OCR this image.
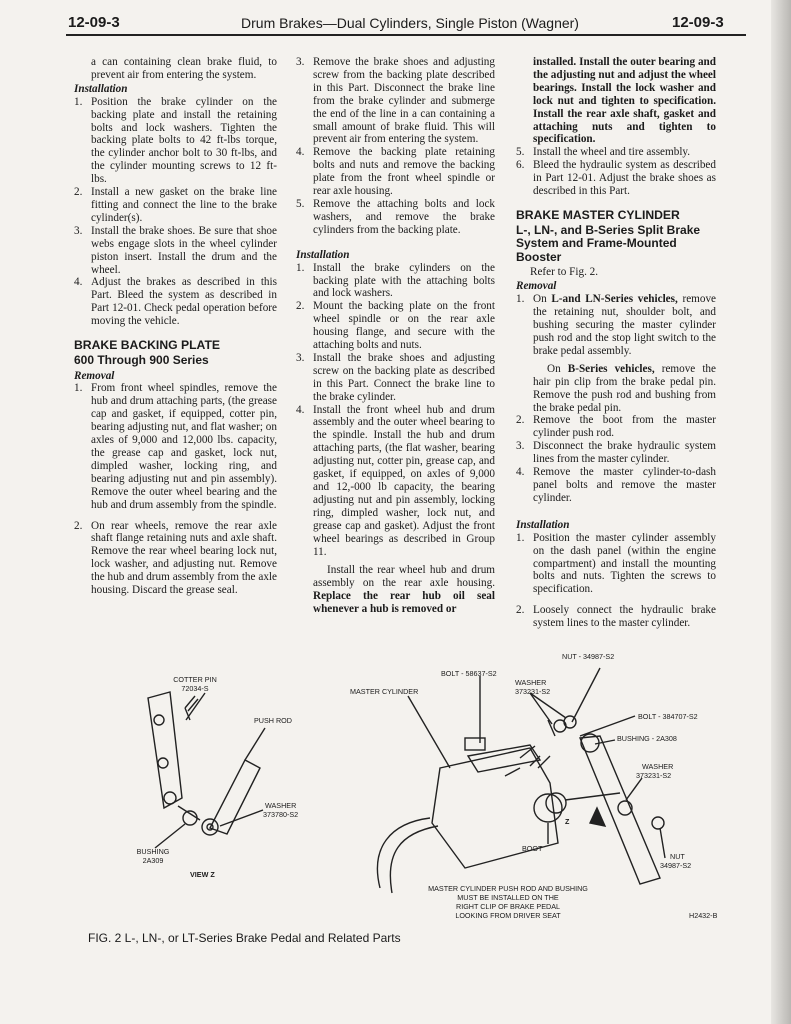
12-09-3	Drum Brakes—Dual Cylinders, Single Piston (Wagner)	12-09-3

a can containing clean brake fluid, to prevent air from entering the system.

Installation
1. Position the brake cylinder on the backing plate and install the retaining bolts and lock washers. Tighten the backing plate bolts to 42 ft-lbs torque, the cylinder anchor bolt to 30 ft-lbs, and the cylinder mounting screws to 12 ft-lbs.
2. Install a new gasket on the brake line fitting and connect the line to the brake cylinder(s).
3. Install the brake shoes. Be sure that shoe webs engage slots in the wheel cylinder piston insert. Install the drum and the wheel.
4. Adjust the brakes as described in this Part. Bleed the system as described in Part 12-01. Check pedal operation before moving the vehicle.
BRAKE BACKING PLATE
600 Through 900 Series
Removal
1. From front wheel spindles, remove the hub and drum attaching parts, (the grease cap and gasket, if equipped, cotter pin, bearing adjusting nut, and flat washer; on axles of 9,000 and 12,000 lbs. capacity, the grease cap and gasket, lock nut, dimpled washer, locking ring, and bearing adjusting nut and pin assembly). Remove the outer wheel bearing and the hub and drum assembly from the spindle.
2. On rear wheels, remove the rear axle shaft flange retaining nuts and axle shaft. Remove the rear wheel bearing lock nut, lock washer, and adjusting nut. Remove the hub and drum assembly from the axle housing. Discard the grease seal.
3. Remove the brake shoes and adjusting screw from the backing plate described in this Part. Disconnect the brake line from the brake cylinder and submerge the end of the line in a can containing a small amount of brake fluid. This will prevent air from entering the system.
4. Remove the backing plate retaining bolts and nuts and remove the backing plate from the front wheel spindle or rear axle housing.
5. Remove the attaching bolts and lock washers, and remove the brake cylinders from the backing plate.
Installation
1. Install the brake cylinders on the backing plate with the attaching bolts and lock washers.
2. Mount the backing plate on the front wheel spindle or on the rear axle housing flange, and secure with the attaching bolts and nuts.
3. Install the brake shoes and adjusting screw on the backing plate as described in this Part. Connect the brake line to the brake cylinder.
4. Install the front wheel hub and drum assembly and the outer wheel bearing to the spindle. Install the hub and drum attaching parts, (the flat washer, bearing adjusting nut, cotter pin, grease cap, and gasket, if equipped, on axles of 9,000 and 12,-000 lb capacity, the bearing adjusting nut and pin assembly, locking ring, dimpled washer, lock nut, and grease cap and gasket). Adjust the front wheel bearings as described in Group 11.

Install the rear wheel hub and drum assembly on the rear axle housing. Replace the rear hub oil seal whenever a hub is removed or

installed. Install the outer bearing and the adjusting nut and adjust the wheel bearings. Install the lock washer and lock nut and tighten to specification. Install the rear axle shaft, gasket and attaching nuts and tighten to specification.

5. Install the wheel and tire assembly.
6. Bleed the hydraulic system as described in Part 12-01. Adjust the brake shoes as described in this Part.
BRAKE MASTER CYLINDER
L-, LN-, and B-Series Split Brake System and Frame-Mounted Booster

Refer to Fig. 2.

Removal
1. On L-and LN-Series vehicles, remove the retaining nut, shoulder bolt, and bushing securing the master cylinder push rod and the stop light switch to the brake pedal assembly.
On B-Series vehicles, remove the hair pin clip from the brake pedal pin. Remove the push rod and bushing from the brake pedal pin.
2. Remove the boot from the master cylinder push rod.
3. Disconnect the brake hydraulic system lines from the master cylinder.
4. Remove the master cylinder-to-dash panel bolts and remove the master cylinder.
Installation
1. Position the master cylinder assembly on the dash panel (within the engine compartment) and install the mounting bolts and nuts. Tighten the screws to specification.
2. Loosely connect the hydraulic brake system lines to the master cylinder.
COTTER PIN
72034-S
PUSH ROD
WASHER
373780-S2
BUSHING
2A309
VIEW Z
MASTER CYLINDER
BOLT - 58637-S2
WASHER
373231-S2
NUT - 34987-S2
BOLT - 384707-S2
BUSHING - 2A308
WASHER
373231-S2
BOOT
Z
NUT
34987-S2
MASTER CYLINDER PUSH ROD AND BUSHING
MUST BE INSTALLED ON THE
RIGHT CLIP OF BRAKE PEDAL
LOOKING FROM DRIVER SEAT	H2432-B
FIG. 2 L-, LN-, or LT-Series Brake Pedal and Related Parts
